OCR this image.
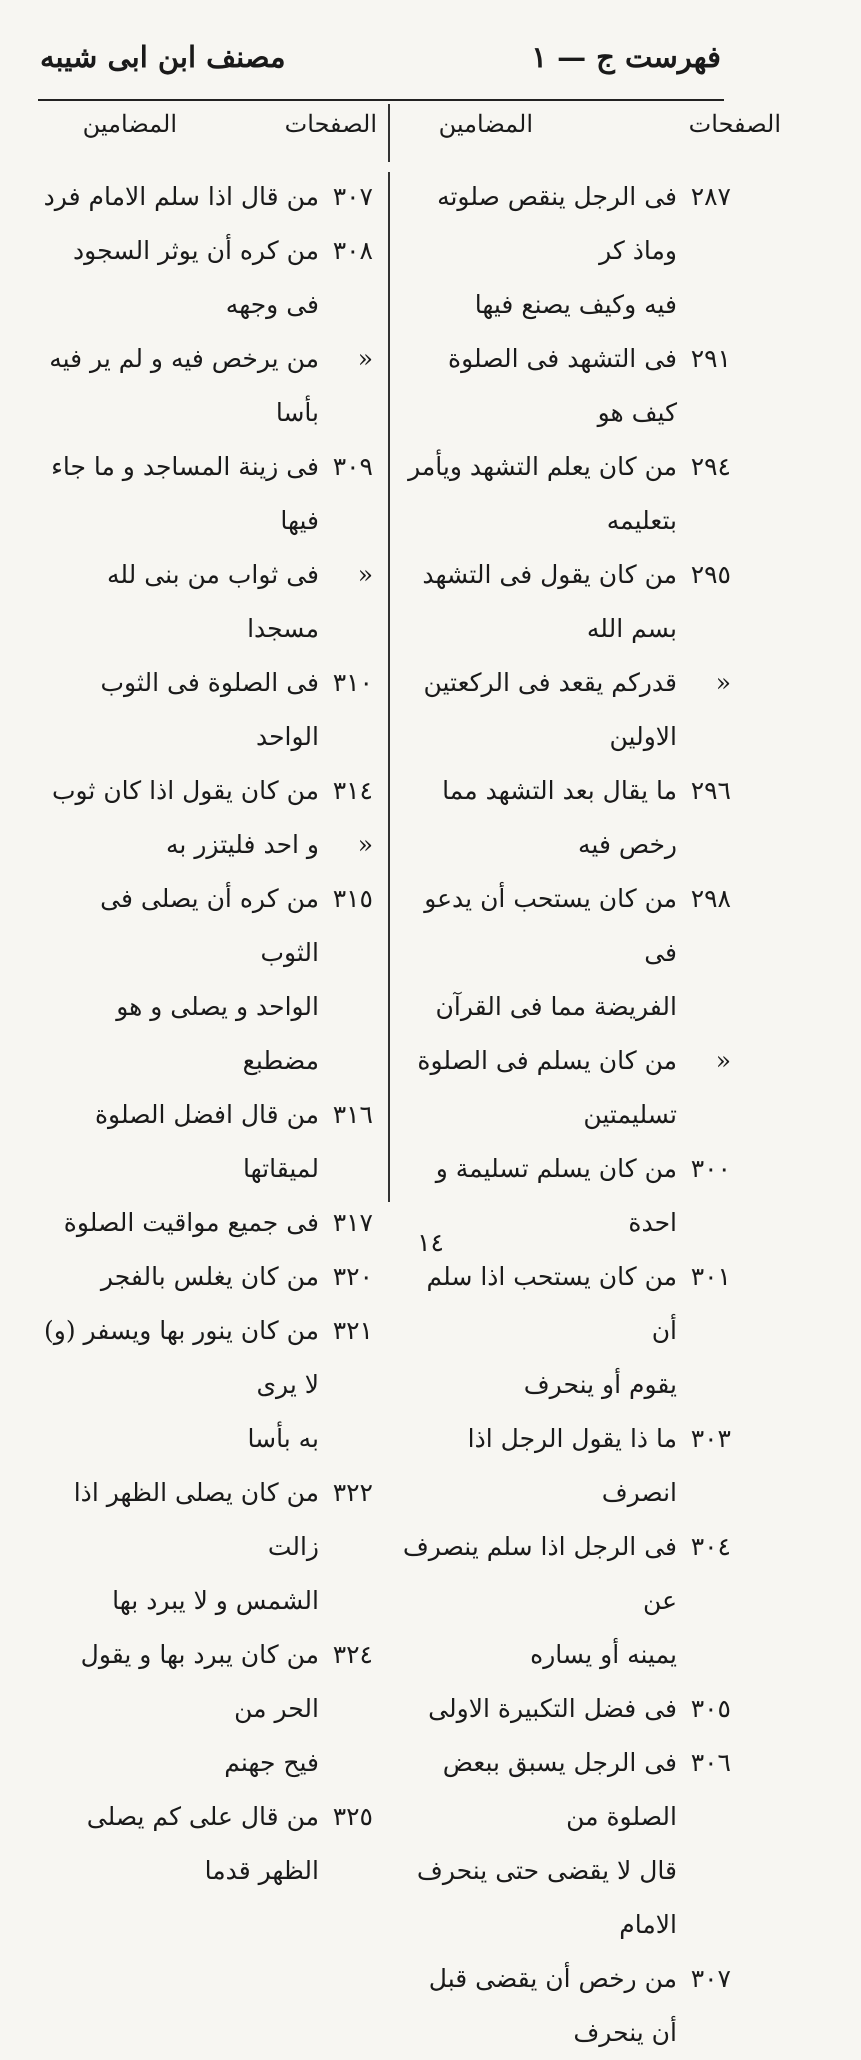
فهرست ج — ١
مصنف ابن ابى شيبه
الصفحات
المضامين
الصفحات
المضامين
٢٨٧
فى الرجل ينقص صلوته وماذ كر
فيه وكيف يصنع فيها
٢٩١
فى التشهد فى الصلوة كيف هو
٢٩٤
من كان يعلم التشهد ويأمر بتعليمه
٢٩٥
من كان يقول فى التشهد بسم الله
«
قدركم يقعد فى الركعتين الاولين
٢٩٦
ما يقال بعد التشهد مما رخص فيه
٢٩٨
من كان يستحب أن يدعو فى
الفريضة مما فى القرآن
«
من كان يسلم فى الصلوة تسليمتين
٣٠٠
من كان يسلم تسليمة و احدة
٣٠١
من كان يستحب اذا سلم أن
يقوم أو ينحرف
٣٠٣
ما ذا يقول الرجل اذا انصرف
٣٠٤
فى الرجل اذا سلم ينصرف عن
يمينه أو يساره
٣٠٥
فى فضل التكبيرة الاولى
٣٠٦
فى الرجل يسبق ببعض الصلوة من
قال لا يقضى حتى ينحرف الامام
٣٠٧
من رخص أن يقضى قبل أن ينحرف
٣٠٧
من قال اذا سلم الامام فرد
٣٠٨
من كره أن يوثر السجود فى وجهه
«
من يرخص فيه و لم ير فيه بأسا
٣٠٩
فى زينة المساجد و ما جاء فيها
«
فى ثواب من بنى لله مسجدا
٣١٠
فى الصلوة فى الثوب الواحد
٣١٤
من كان يقول اذا كان ثوب
«
و احد فليتزر به
٣١٥
من كره أن يصلى فى الثوب
الواحد و يصلى و هو مضطبع
٣١٦
من قال افضل الصلوة لميقاتها
٣١٧
فى جميع مواقيت الصلوة
٣٢٠
من كان يغلس بالفجر
٣٢١
من كان ينور بها ويسفر (و) لا يرى
به بأسا
٣٢٢
من كان يصلى الظهر اذا زالت
الشمس و لا يبرد بها
٣٢٤
من كان يبرد بها و يقول الحر من
فيح جهنم
٣٢٥
من قال على كم يصلى الظهر قدما
١٤
